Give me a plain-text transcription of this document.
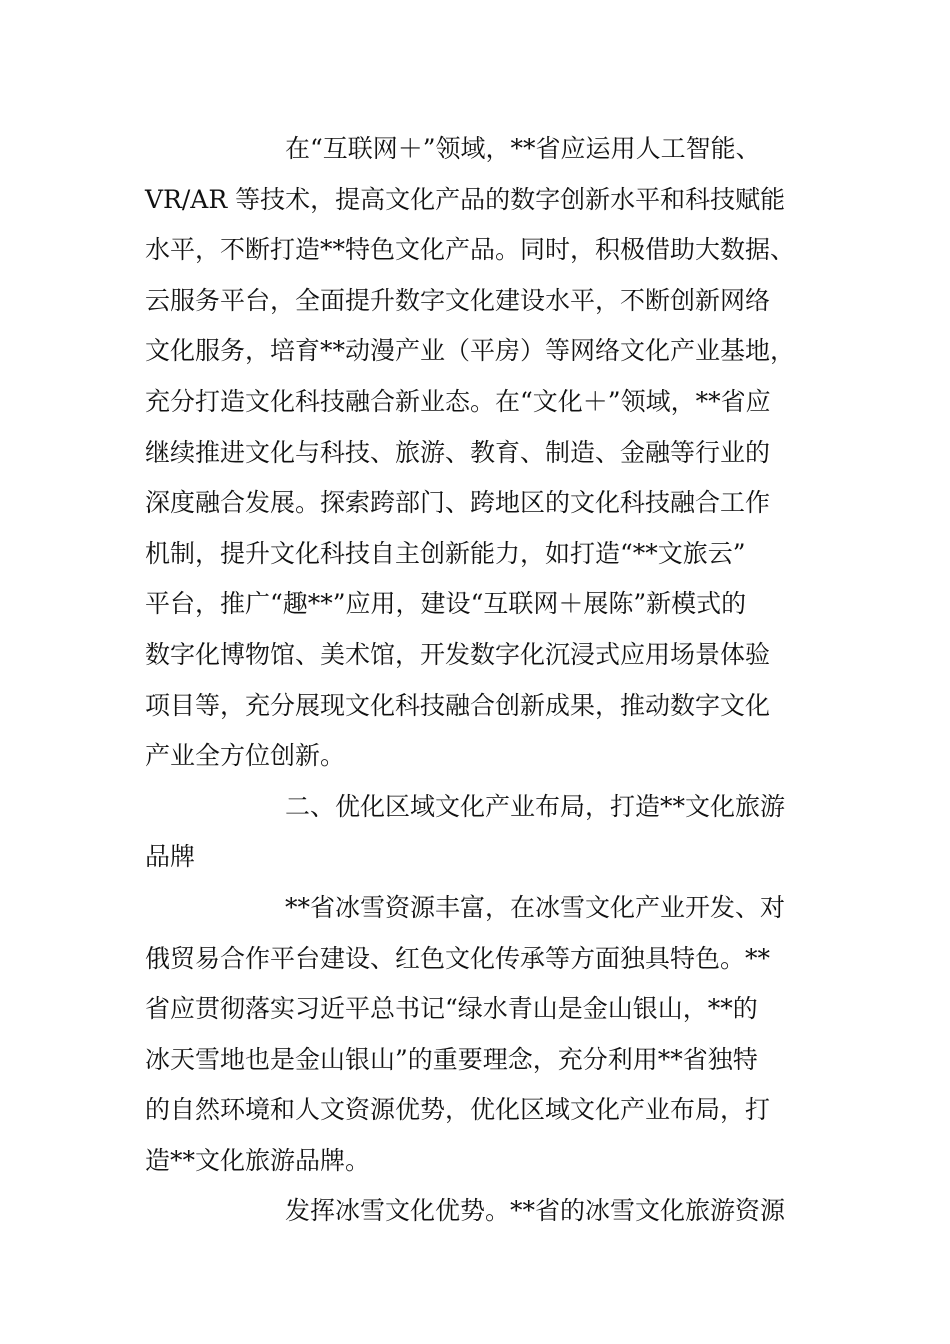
在“互联网＋”领域，**省应运用人工智能、
VR/AR 等技术，提高文化产品的数字创新水平和科技赋能
水平，不断打造**特色文化产品。同时，积极借助大数据、
云服务平台，全面提升数字文化建设水平，不断创新网络
文化服务，培育**动漫产业（平房）等网络文化产业基地，
充分打造文化科技融合新业态。在“文化＋”领域，**省应
继续推进文化与科技、旅游、教育、制造、金融等行业的
深度融合发展。探索跨部门、跨地区的文化科技融合工作
机制，提升文化科技自主创新能力，如打造“**文旅云”
平台，推广“趣**”应用，建设“互联网＋展陈”新模式的
数字化博物馆、美术馆，开发数字化沉浸式应用场景体验
项目等，充分展现文化科技融合创新成果，推动数字文化
产业全方位创新。
二、优化区域文化产业布局，打造**文化旅游
品牌
**省冰雪资源丰富，在冰雪文化产业开发、对
俄贸易合作平台建设、红色文化传承等方面独具特色。**
省应贯彻落实习近平总书记“绿水青山是金山银山，**的
冰天雪地也是金山银山”的重要理念，充分利用**省独特
的自然环境和人文资源优势，优化区域文化产业布局，打
造**文化旅游品牌。
发挥冰雪文化优势。**省的冰雪文化旅游资源
